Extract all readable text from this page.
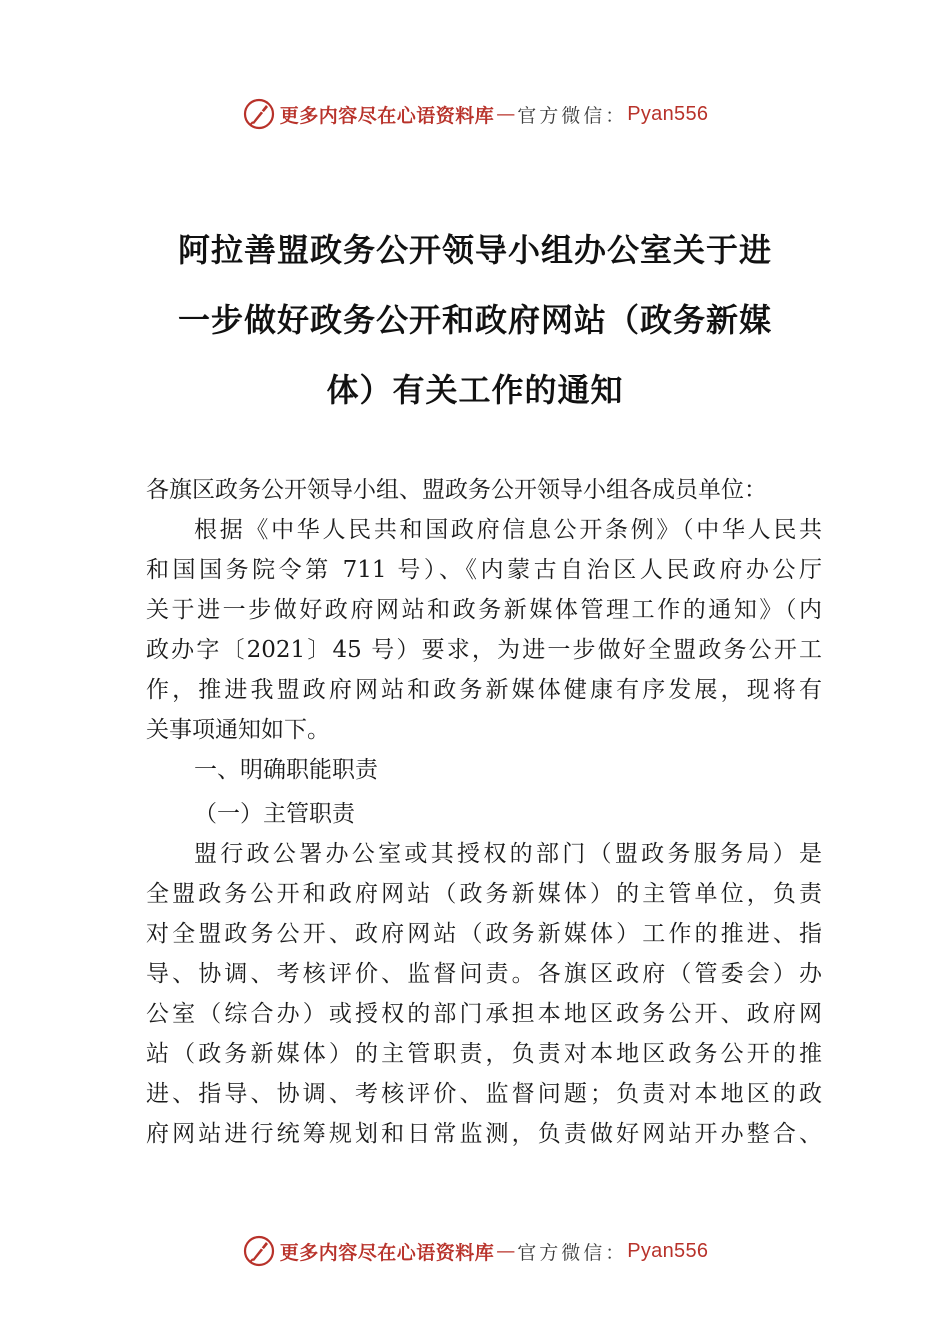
更多内容尽在心语资料库 — 官方微信： Pyan556
阿拉善盟政务公开领导小组办公室关于进
一步做好政务公开和政府网站（政务新媒
体）有关工作的通知
各旗区政务公开领导小组、盟政务公开领导小组各成员单位：
根据《中华人民共和国政府信息公开条例》（中华人民共
和国国务院令第 711 号）、《内蒙古自治区人民政府办公厅
关于进一步做好政府网站和政务新媒体管理工作的通知》（内
政办字〔2021〕45 号）要求，为进一步做好全盟政务公开工
作，推进我盟政府网站和政务新媒体健康有序发展，现将有
关事项通知如下。
一、明确职能职责
（一）主管职责
盟行政公署办公室或其授权的部门（盟政务服务局）是
全盟政务公开和政府网站（政务新媒体）的主管单位，负责
对全盟政务公开、政府网站（政务新媒体）工作的推进、指
导、协调、考核评价、监督问责。各旗区政府（管委会）办
公室（综合办）或授权的部门承担本地区政务公开、政府网
站（政务新媒体）的主管职责，负责对本地区政务公开的推
进、指导、协调、考核评价、监督问题；负责对本地区的政
府网站进行统筹规划和日常监测，负责做好网站开办整合、
更多内容尽在心语资料库 — 官方微信： Pyan556
